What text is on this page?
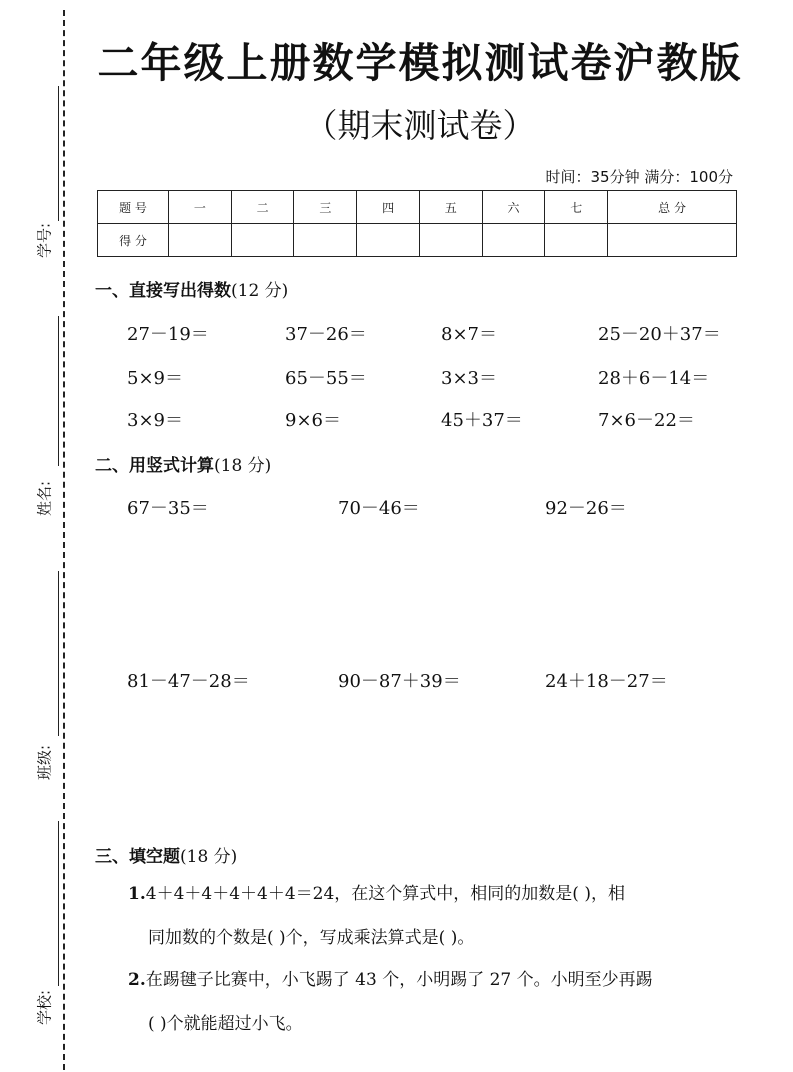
学号:
姓名:
班级:
学校:
二年级上册数学模拟测试卷沪教版
（期末测试卷）
时间：35分钟 满分：100分
题 号	一	二	三	四	五	六	七	总 分
得 分								
一、直接写出得数(12 分)
27－19＝	37－26＝	8×7＝	25－20＋37＝
5×9＝	65－55＝	3×3＝	28＋6－14＝
3×9＝	9×6＝	45＋37＝	7×6－22＝
二、用竖式计算(18 分)
67－35＝	70－46＝	92－26＝
81－47－28＝	90－87＋39＝	24＋18－27＝
三、填空题(18 分)
1.4＋4＋4＋4＋4＋4＝24，在这个算式中，相同的加数是( )，相
同加数的个数是( )个，写成乘法算式是( )。
2.在踢毽子比赛中，小飞踢了 43 个，小明踢了 27 个。小明至少再踢
( )个就能超过小飞。
